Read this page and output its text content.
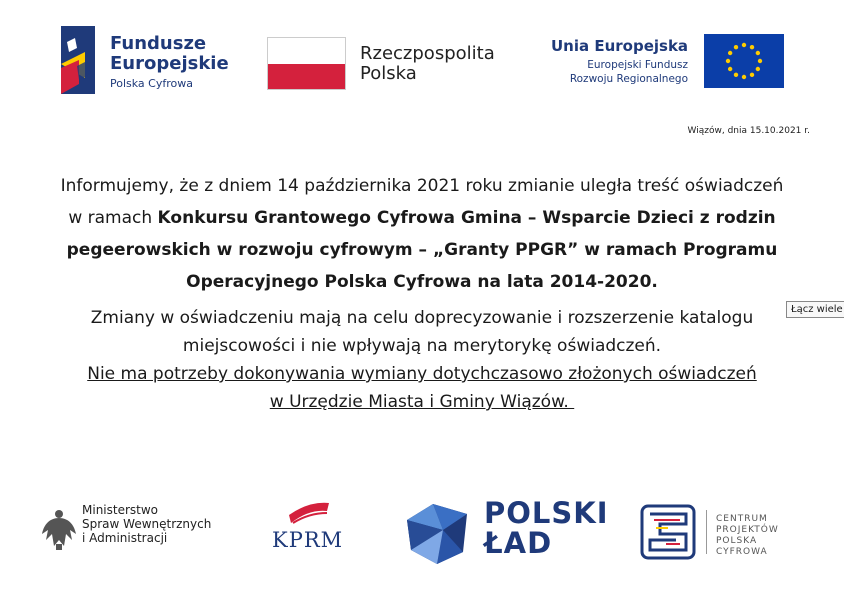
Fundusze
Europejskie
Polska Cyfrowa
Rzeczpospolita
Polska
Unia Europejska
Europejski Fundusz
Rozwoju Regionalnego
Wiązów, dnia 15.10.2021 r.
Informujemy, że z dniem 14 października 2021 roku zmianie uległa treść oświadczeń
w ramach Konkursu Grantowego Cyfrowa Gmina – Wsparcie Dzieci z rodzin
pegeerowskich w rozwoju cyfrowym – „Granty PPGR” w ramach Programu
Operacyjnego Polska Cyfrowa na lata 2014-2020.
Zmiany w oświadczeniu mają na celu doprecyzowanie i rozszerzenie katalogu
miejscowości i nie wpływają na merytorykę oświadczeń.
Nie ma potrzeby dokonywania wymiany dotychczasowo złożonych oświadczeń
w Urzędzie Miasta i Gminy Wiązów.
Łącz wiele
Ministerstwo
Spraw Wewnętrznych
i Administracji	KPRM
POLSKI
ŁAD
CENTRUM
PROJEKTÓW
POLSKA
CYFROWA
